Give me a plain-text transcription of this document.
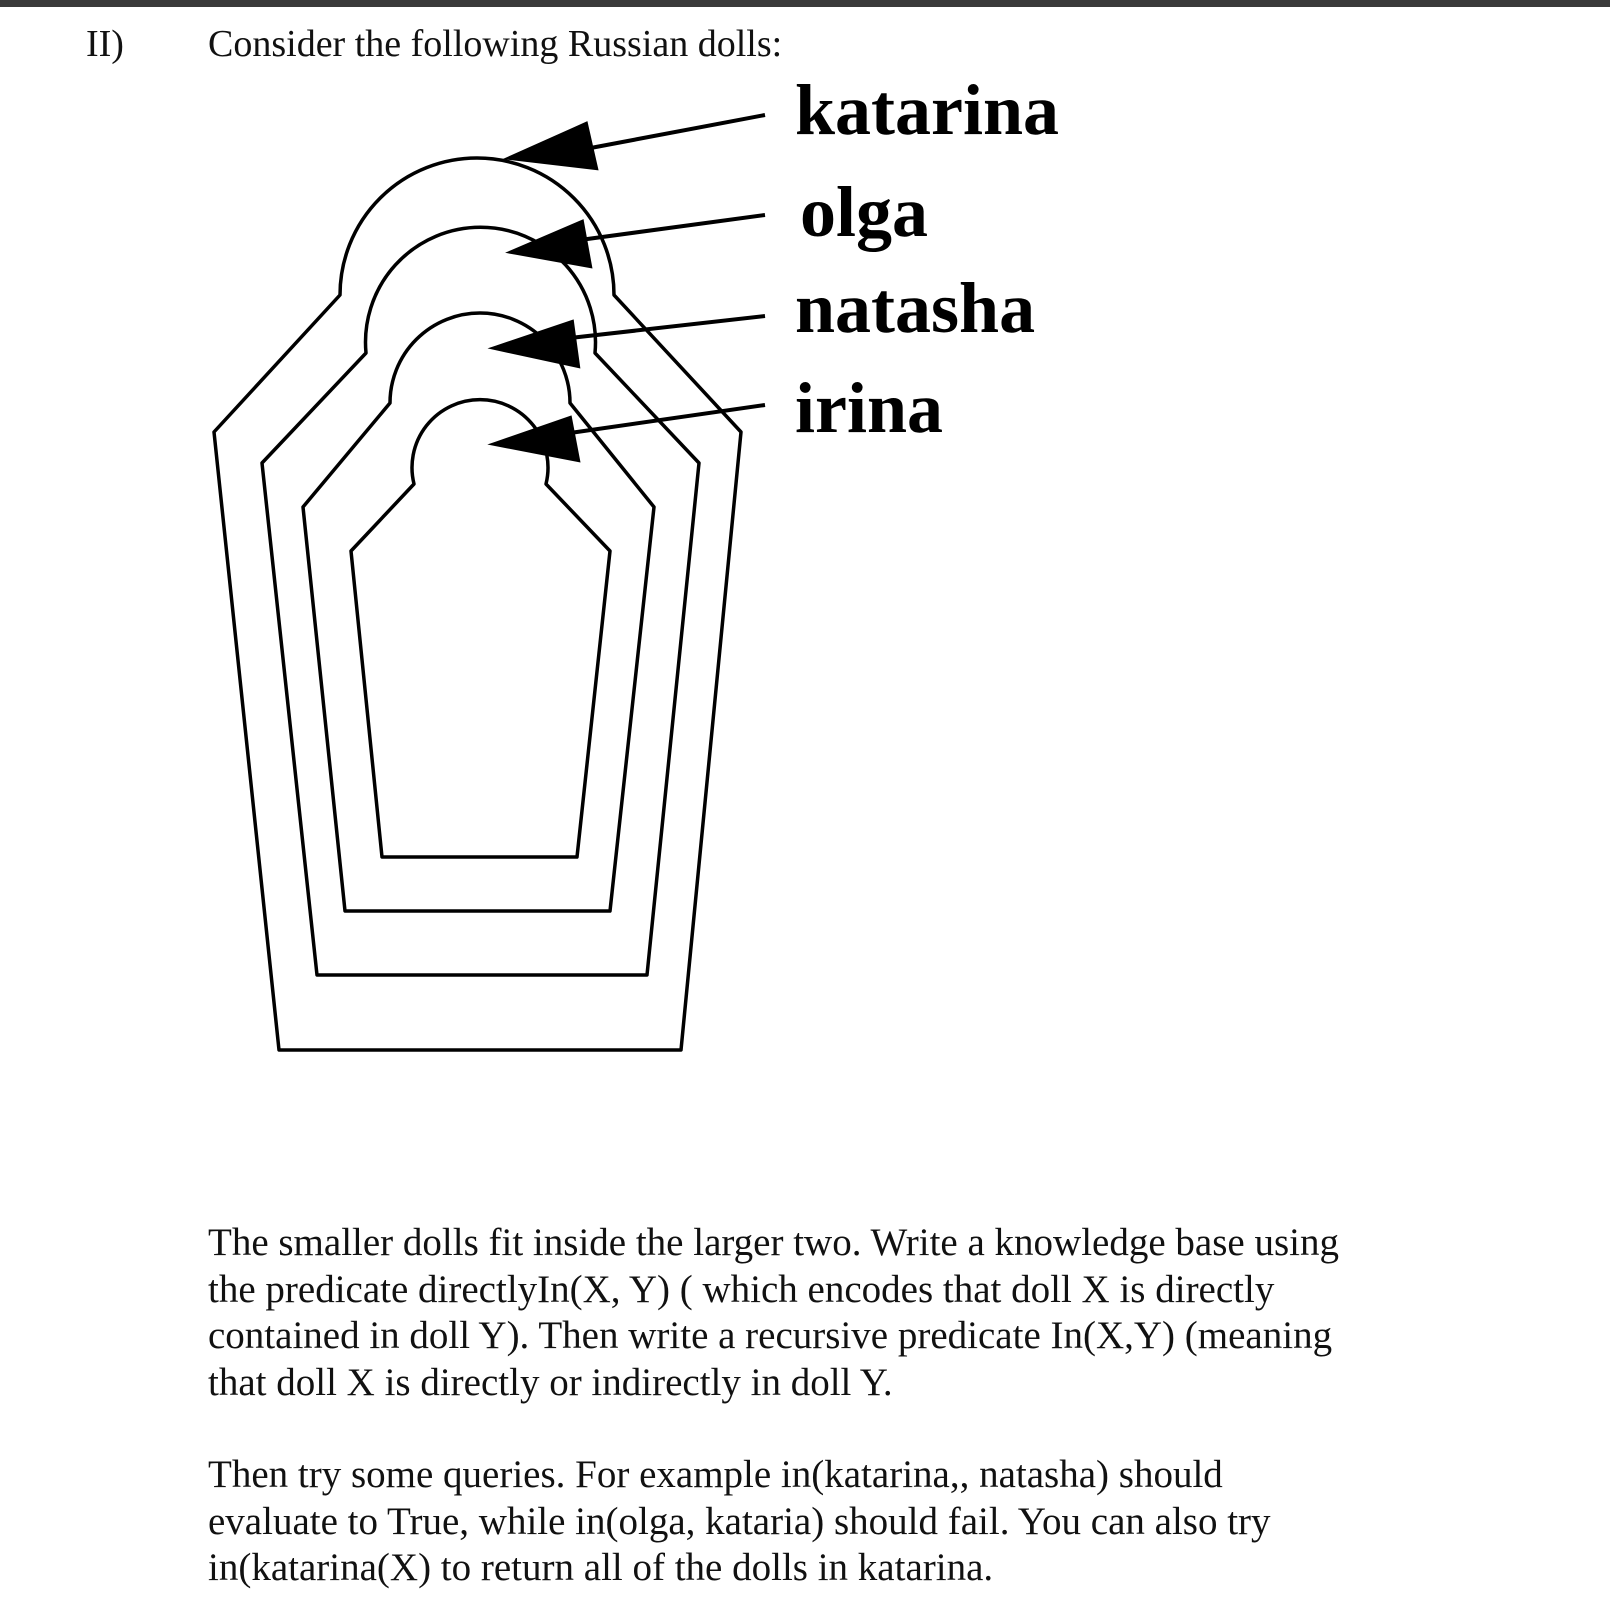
II) Consider the following Russian dolls:
katarina
olga
natasha
irina

The smaller dolls fit inside the larger two. Write a knowledge base using
the predicate directlyIn(X, Y) ( which encodes that doll X is directly
contained in doll Y). Then write a recursive predicate In(X,Y) (meaning
that doll X is directly or indirectly in doll Y.

Then try some queries. For example in(katarina,, natasha) should
evaluate to True, while in(olga, kataria) should fail. You can also try
in(katarina(X) to return all of the dolls in katarina.
